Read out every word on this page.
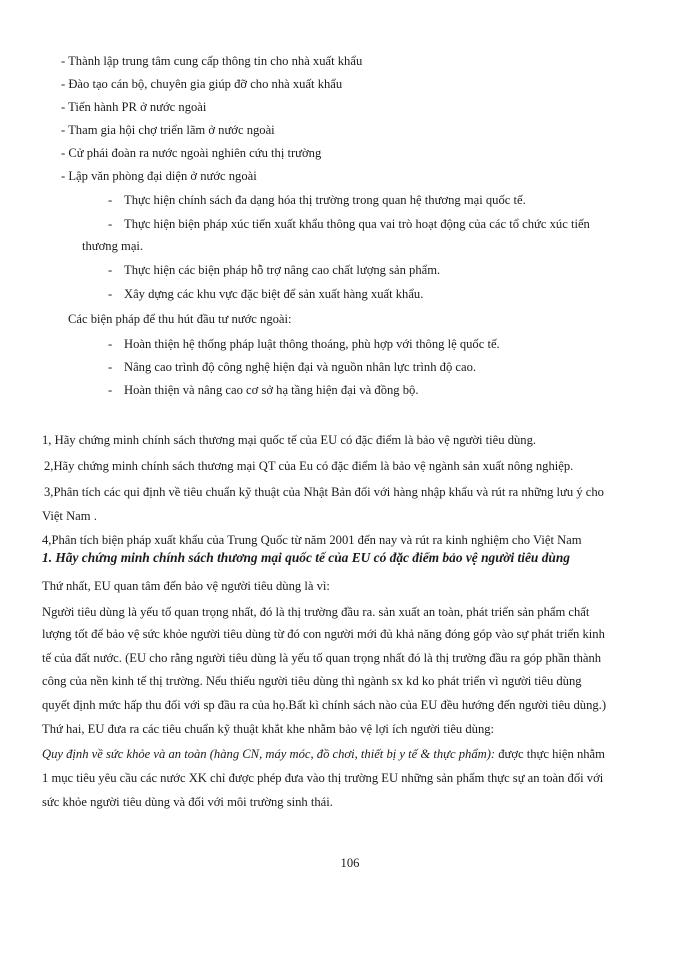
- Thành lập trung tâm cung cấp thông tin cho nhà xuất khẩu
- Đào tạo cán bộ, chuyên gia giúp đỡ cho nhà xuất khẩu
- Tiến hành PR ở nước ngoài
- Tham gia hội chợ triển lãm ở nước ngoài
- Cử phái đoàn ra nước ngoài nghiên cứu thị trường
- Lập văn phòng đại diện ở nước ngoài
- Thực hiện chính sách đa dạng hóa thị trường trong quan hệ thương mại quốc tế.
- Thực hiện biện pháp xúc tiến xuất khẩu thông qua vai trò hoạt động của các tổ chức xúc tiến
thương mại.
- Thực hiện các biện pháp hỗ trợ nâng cao chất lượng sản phẩm.
- Xây dựng các khu vực đặc biệt để sản xuất hàng xuất khẩu.
Các biện pháp để thu hút đầu tư nước ngoài:
- Hoàn thiện hệ thống pháp luật thông thoáng, phù hợp với thông lệ quốc tế.
- Nâng cao trình độ công nghệ hiện đại và nguồn nhân lực trình độ cao.
- Hoàn thiện và nâng cao cơ sở hạ tầng hiện đại và đồng bộ.
1, Hãy chứng minh chính sách thương mại quốc tế của EU có đặc điểm là bảo vệ người tiêu dùng.
2,Hãy chứng minh chính sách thương mại QT của Eu có đặc điểm là bảo vệ ngành sản xuất nông nghiệp.
3,Phân tích các qui định về tiêu chuẩn kỹ thuật của Nhật Bản đối với hàng nhập khẩu và rút ra những lưu ý cho
Việt Nam .
4,Phân tích biện pháp xuất khẩu của Trung Quốc từ năm 2001 đến nay và rút ra kinh nghiệm cho Việt Nam
1. Hãy chứng minh chính sách thương mại quốc tế của EU có đặc điểm bảo vệ người tiêu dùng
Thứ nhất, EU quan tâm đến bảo vệ người tiêu dùng là vì:
Người tiêu dùng là yếu tố quan trọng nhất, đó là thị trường đầu ra. sản xuất an toàn, phát triển sản phẩm chất
lượng tốt để bảo vệ sức khỏe người tiêu dùng từ đó con người mới đủ khả năng đóng góp vào sự phát triển kinh
tế của đất nước. (EU cho rằng người tiêu dùng là yếu tố quan trọng nhất đó là thị trường đầu ra góp phần thành
công của nền kinh tế thị trường. Nếu thiếu người tiêu dùng thì ngành sx kd ko phát triển vì người tiêu dùng
quyết định mức hấp thu đối với sp đầu ra của họ.Bất kì chính sách nào của EU đều hướng đến người tiêu dùng.)
Thứ hai, EU đưa ra các tiêu chuẩn kỹ thuật khắt khe nhằm bảo vệ lợi ích người tiêu dùng:
Quy định về sức khỏe và an toàn (hàng CN, máy móc, đồ chơi, thiết bị y tế & thực phẩm): được thực hiện nhằm
1 mục tiêu yêu cầu các nước XK chỉ được phép đưa vào thị trường EU những sản phẩm thực sự an toàn đối với
sức khỏe người tiêu dùng và đối với môi trường sinh thái.
106
